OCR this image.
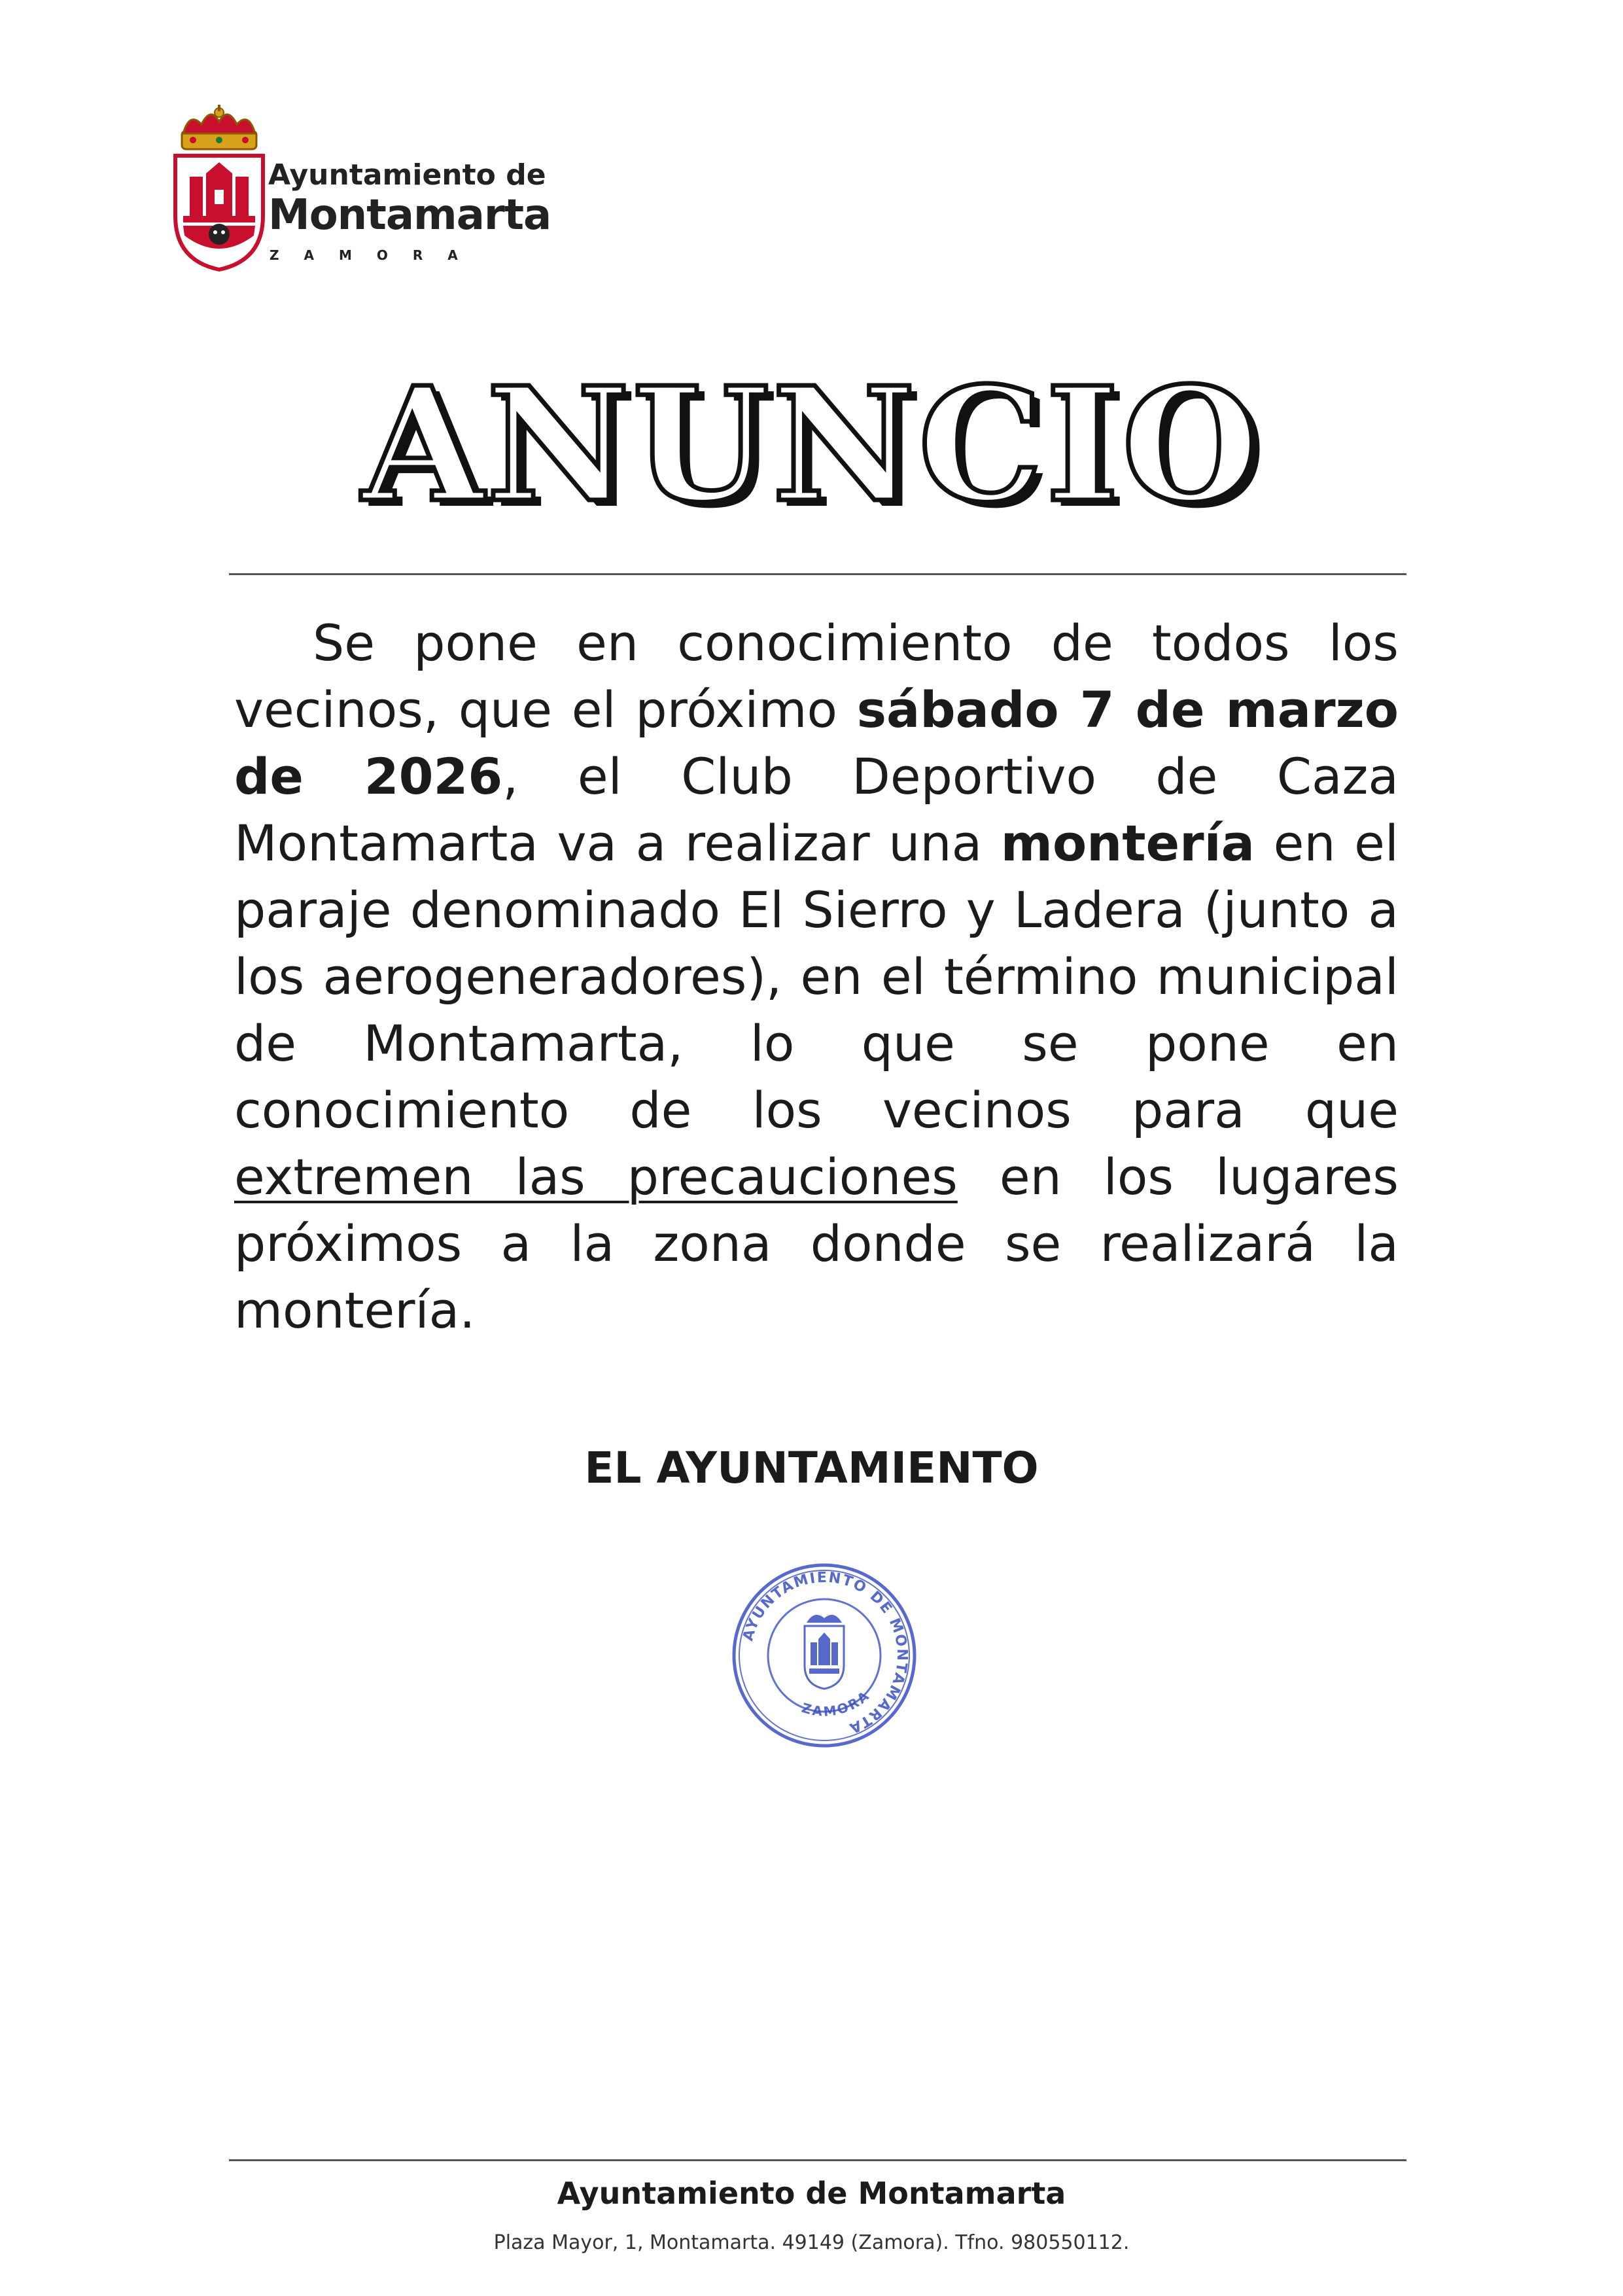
Ayuntamiento de
Montamarta
ZAMORA
ANUNCIO

Se pone en conocimiento de todos los vecinos, que el próximo sábado 7 de marzo de 2026, el Club Deportivo de Caza Montamarta va a realizar una montería en el paraje denominado El Sierro y Ladera (junto a los aerogeneradores), en el término municipal de Montamarta, lo que se pone en conocimiento de los vecinos para que extremen las precauciones en los lugares próximos a la zona donde se realizará la montería.

EL AYUNTAMIENTO
AYUNTAMIENTO DE MONTAMARTA
ZAMORA
Ayuntamiento de Montamarta
Plaza Mayor, 1, Montamarta. 49149 (Zamora). Tfno. 980550112.
